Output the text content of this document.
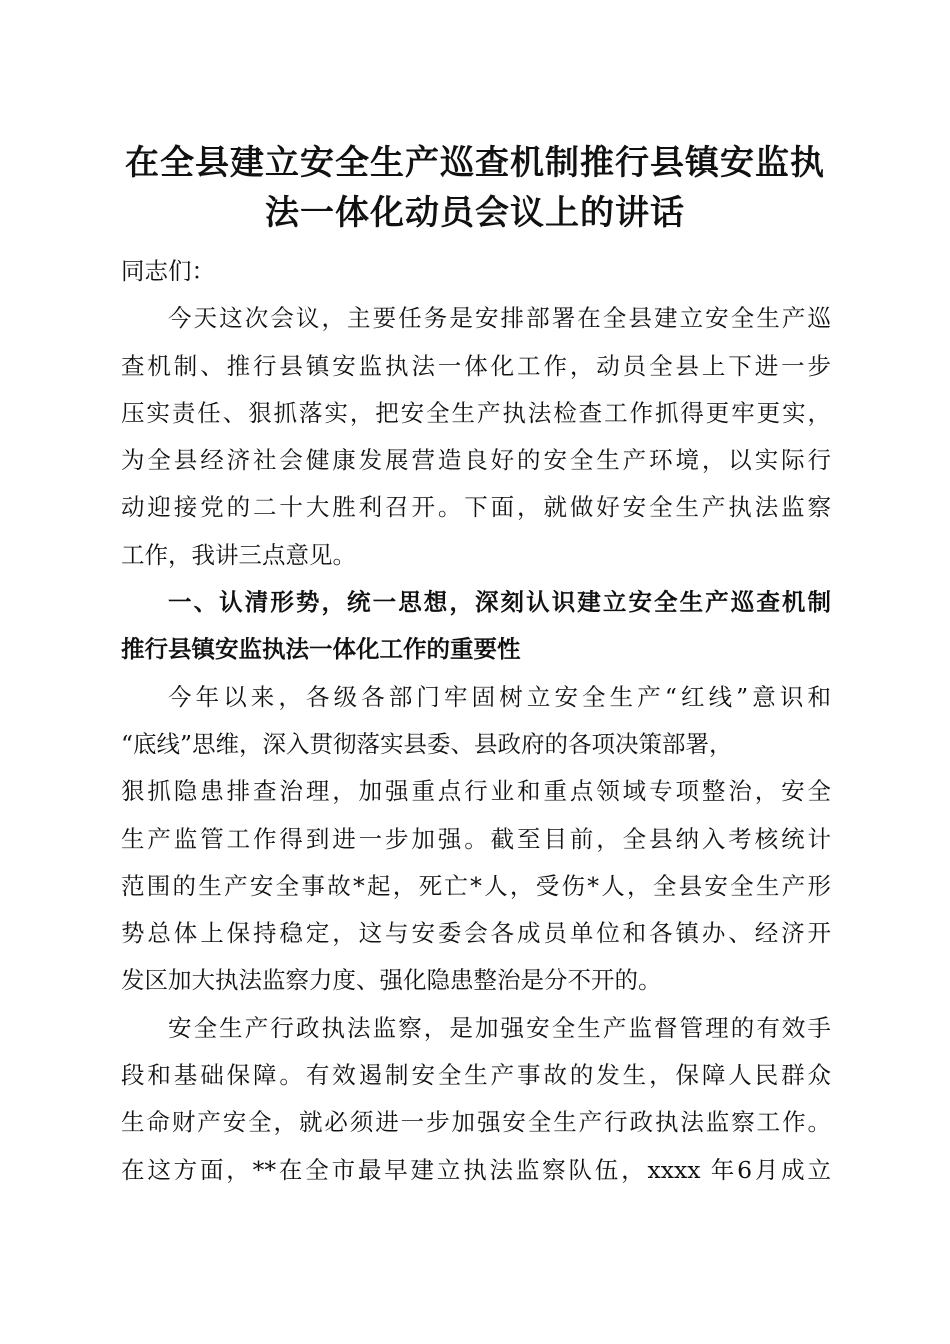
在全县建立安全生产巡查机制推行县镇安监执
法一体化动员会议上的讲话

同志们：

今天这次会议，主要任务是安排部署在全县建立安全生产巡
查机制、推行县镇安监执法一体化工作，动员全县上下进一步
压实责任、狠抓落实，把安全生产执法检查工作抓得更牢更实，
为全县经济社会健康发展营造良好的安全生产环境，以实际行
动迎接党的二十大胜利召开。下面，就做好安全生产执法监察
工作，我讲三点意见。

一、认清形势，统一思想，深刻认识建立安全生产巡查机制
推行县镇安监执法一体化工作的重要性

今年以来，各级各部门牢固树立安全生产“红线”意识和
“底线”思维，深入贯彻落实县委、县政府的各项决策部署，
狠抓隐患排查治理，加强重点行业和重点领域专项整治，安全
生产监管工作得到进一步加强。截至目前，全县纳入考核统计
范围的生产安全事故*起，死亡*人，受伤*人，全县安全生产形
势总体上保持稳定，这与安委会各成员单位和各镇办、经济开
发区加大执法监察力度、强化隐患整治是分不开的。

安全生产行政执法监察，是加强安全生产监督管理的有效手
段和基础保障。有效遏制安全生产事故的发生，保障人民群众
生命财产安全，就必须进一步加强安全生产行政执法监察工作。
在这方面，**在全市最早建立执法监察队伍，xxxx 年6月成立
